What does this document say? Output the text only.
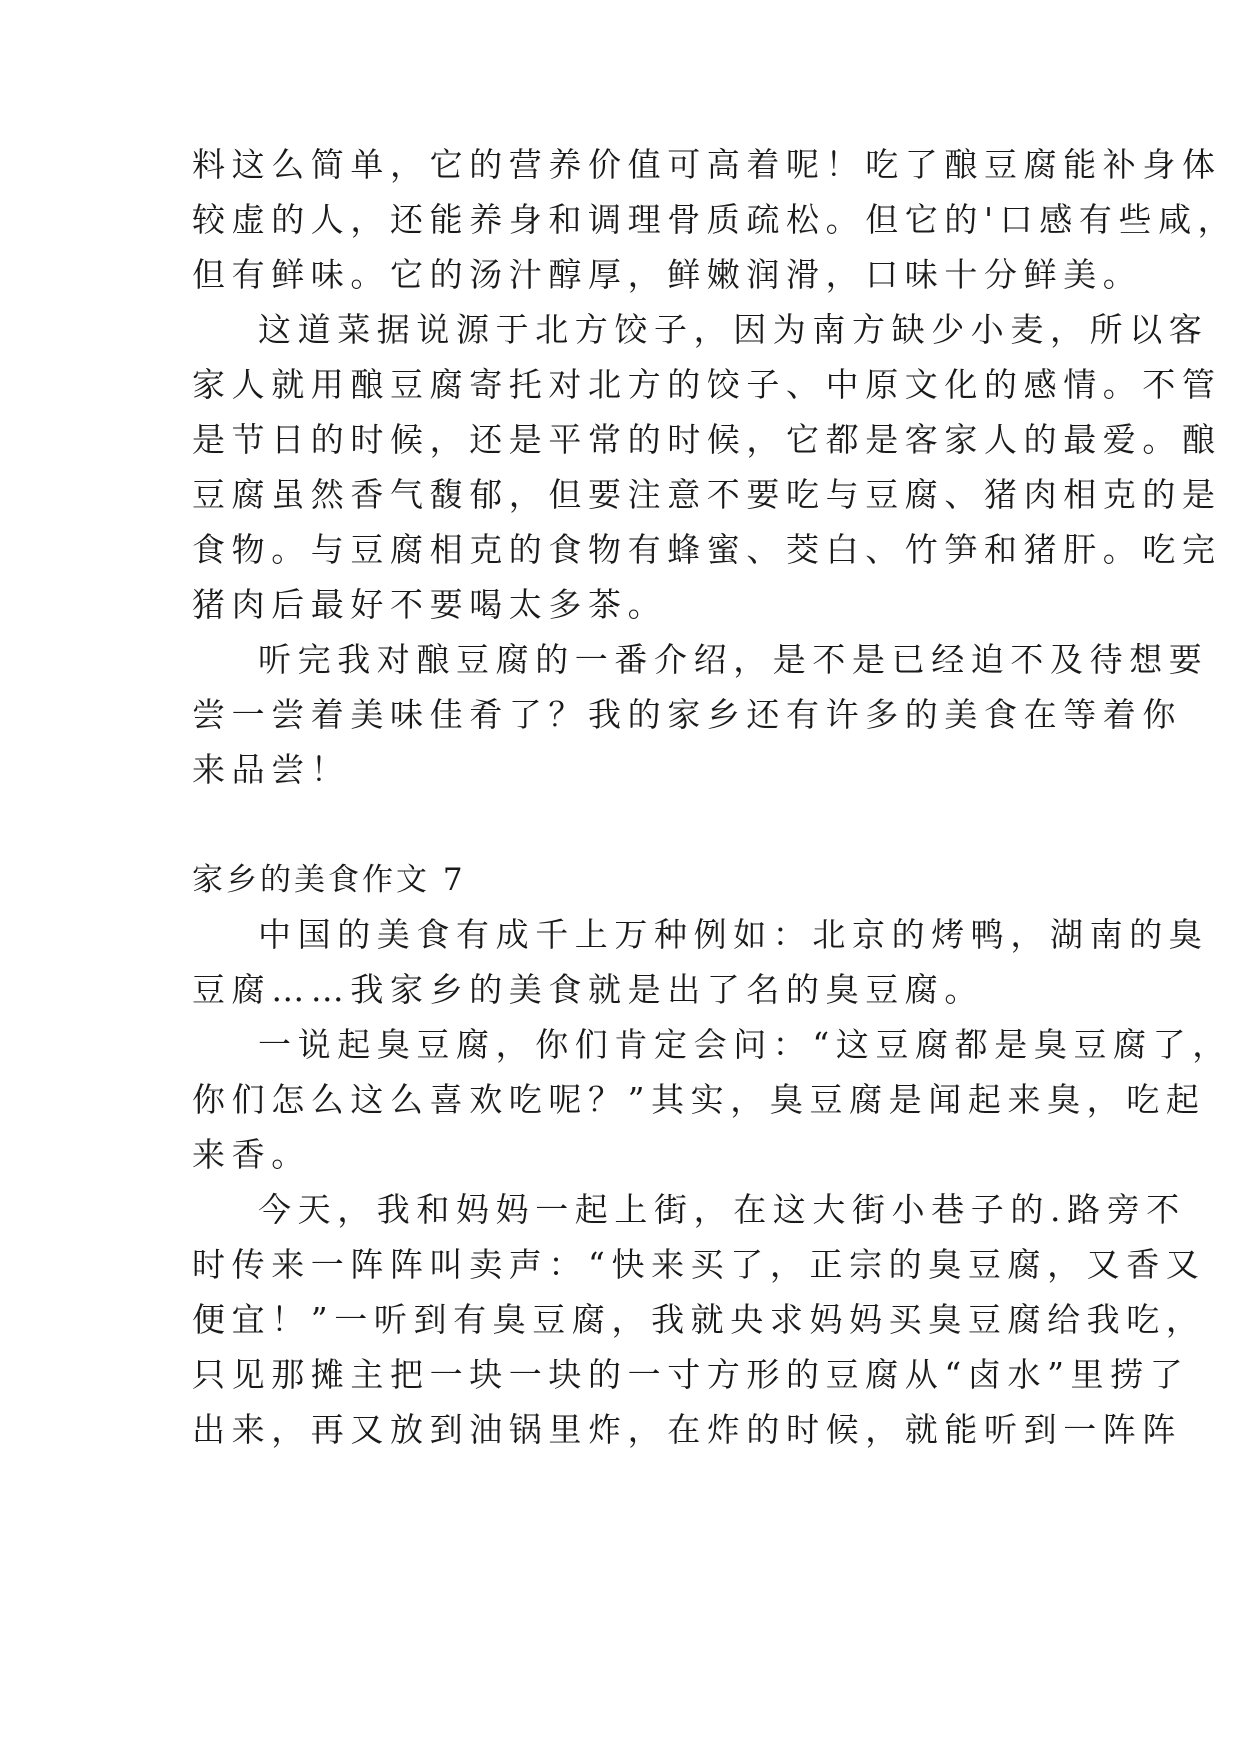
料这么简单，它的营养价值可高着呢！吃了酿豆腐能补身体

较虚的人，还能养身和调理骨质疏松。但它的'口感有些咸，

但有鲜味。它的汤汁醇厚，鲜嫩润滑，口味十分鲜美。

这道菜据说源于北方饺子，因为南方缺少小麦，所以客

家人就用酿豆腐寄托对北方的饺子、中原文化的感情。不管

是节日的时候，还是平常的时候，它都是客家人的最爱。酿

豆腐虽然香气馥郁，但要注意不要吃与豆腐、猪肉相克的是

食物。与豆腐相克的食物有蜂蜜、茭白、竹笋和猪肝。吃完

猪肉后最好不要喝太多茶。

听完我对酿豆腐的一番介绍，是不是已经迫不及待想要

尝一尝着美味佳肴了？我的家乡还有许多的美食在等着你

来品尝！

家乡的美食作文 7

中国的美食有成千上万种例如：北京的烤鸭，湖南的臭

豆腐……我家乡的美食就是出了名的臭豆腐。

一说起臭豆腐，你们肯定会问：“这豆腐都是臭豆腐了，

你们怎么这么喜欢吃呢？”其实，臭豆腐是闻起来臭，吃起

来香。

今天，我和妈妈一起上街，在这大街小巷子的.路旁不

时传来一阵阵叫卖声：“快来买了，正宗的臭豆腐，又香又

便宜！”一听到有臭豆腐，我就央求妈妈买臭豆腐给我吃，

只见那摊主把一块一块的一寸方形的豆腐从“卤水”里捞了

出来，再又放到油锅里炸，在炸的时候，就能听到一阵阵
